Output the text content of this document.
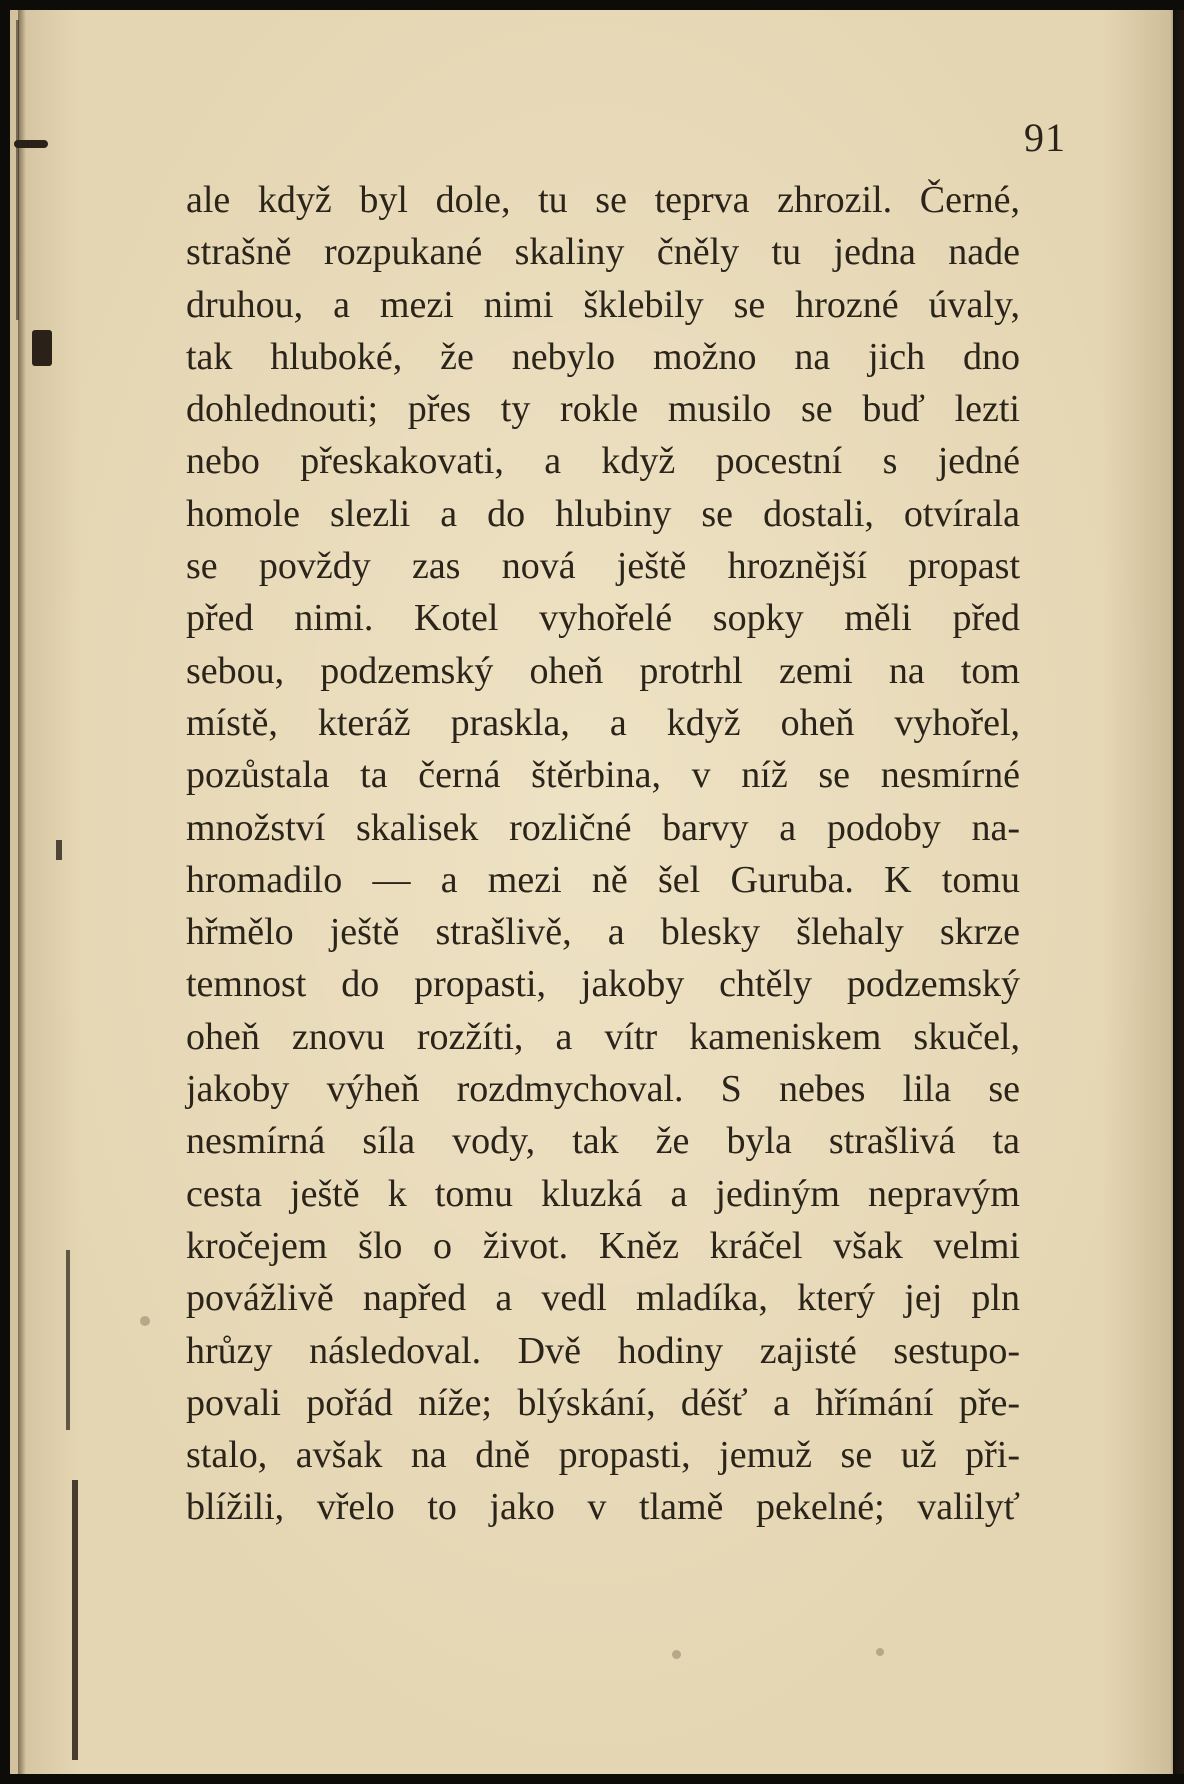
91
ale když byl dole, tu se teprva zhrozil. Černé,
strašně rozpukané skaliny čněly tu jedna nade
druhou, a mezi nimi šklebily se hrozné úvaly,
tak hluboké, že nebylo možno na jich dno
dohlednouti; přes ty rokle musilo se buď lezti
nebo přeskakovati, a když pocestní s jedné
homole slezli a do hlubiny se dostali, otvírala
se povždy zas nová ještě hroznější propast
před nimi. Kotel vyhořelé sopky měli před
sebou, podzemský oheň protrhl zemi na tom
místě, kteráž praskla, a když oheň vyhořel,
pozůstala ta černá štěrbina, v níž se nesmírné
množství skalisek rozličné barvy a podoby na-
hromadilo — a mezi ně šel Guruba. K tomu
hřmělo ještě strašlivě, a blesky šlehaly skrze
temnost do propasti, jakoby chtěly podzemský
oheň znovu rozžíti, a vítr kameniskem skučel,
jakoby výheň rozdmychoval. S nebes lila se
nesmírná síla vody, tak že byla strašlivá ta
cesta ještě k tomu kluzká a jediným nepravým
kročejem šlo o život. Kněz kráčel však velmi
povážlivě napřed a vedl mladíka, který jej pln
hrůzy následoval. Dvě hodiny zajisté sestupo-
povali pořád níže; blýskání, déšť a hřímání pře-
stalo, avšak na dně propasti, jemuž se už při-
blížili, vřelo to jako v tlamě pekelné; valilyť
